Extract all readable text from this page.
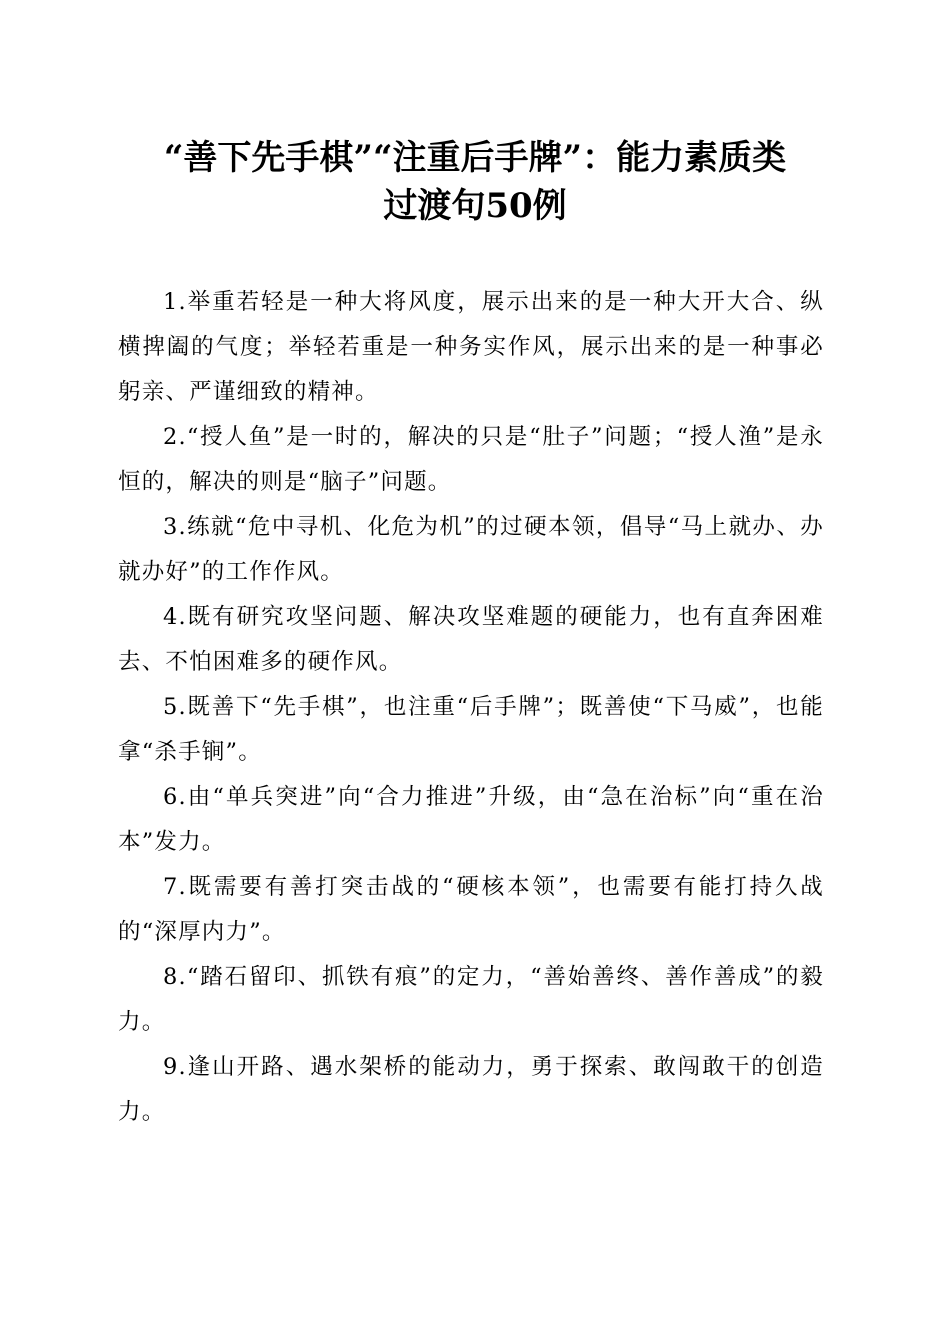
“善下先手棋”“注重后手牌”：能力素质类
过渡句50例

1.举重若轻是一种大将风度，展示出来的是一种大开大合、纵横捭阖的气度；举轻若重是一种务实作风，展示出来的是一种事必躬亲、严谨细致的精神。

2.“授人鱼”是一时的，解决的只是“肚子”问题；“授人渔”是永恒的，解决的则是“脑子”问题。

3.练就“危中寻机、化危为机”的过硬本领，倡导“马上就办、办就办好”的工作作风。

4.既有研究攻坚问题、解决攻坚难题的硬能力，也有直奔困难去、不怕困难多的硬作风。

5.既善下“先手棋”，也注重“后手牌”；既善使“下马威”，也能拿“杀手锏”。

6.由“单兵突进”向“合力推进”升级，由“急在治标”向“重在治本”发力。

7.既需要有善打突击战的“硬核本领”，也需要有能打持久战的“深厚内力”。

8.“踏石留印、抓铁有痕”的定力，“善始善终、善作善成”的毅力。

9.逢山开路、遇水架桥的能动力，勇于探索、敢闯敢干的创造力。
